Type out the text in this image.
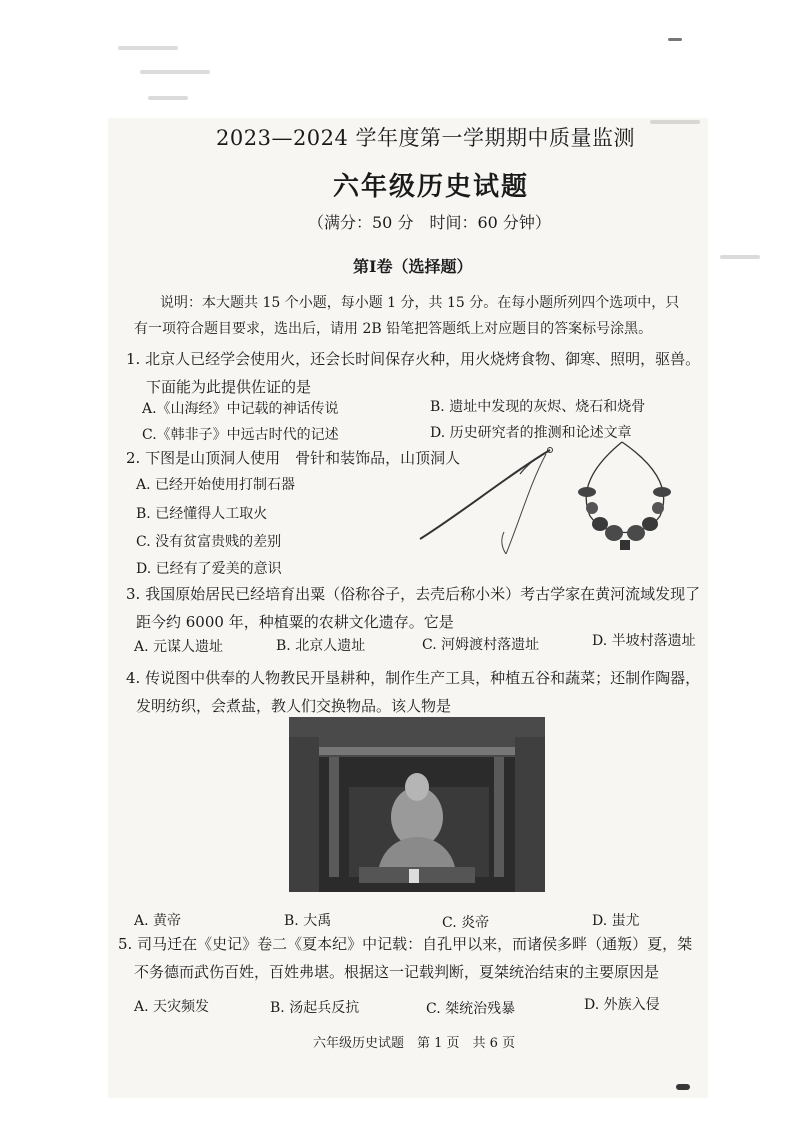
2023—2024 学年度第一学期期中质量监测
六年级历史试题
（满分：50 分　时间：60 分钟）
第Ⅰ卷（选择题）
说明：本大题共 15 个小题，每小题 1 分，共 15 分。在每小题所列四个选项中，只
有一项符合题目要求，选出后，请用 2B 铅笔把答题纸上对应题目的答案标号涂黑。
1. 北京人已经学会使用火，还会长时间保存火种，用火烧烤食物、御寒、照明，驱兽。
下面能为此提供佐证的是
A.《山海经》中记载的神话传说	B. 遗址中发现的灰烬、烧石和烧骨
C.《韩非子》中远古时代的记述	D. 历史研究者的推测和论述文章
2. 下图是山顶洞人使用　骨针和装饰品，山顶洞人
A. 已经开始使用打制石器
B. 已经懂得人工取火
C. 没有贫富贵贱的差别
D. 已经有了爱美的意识
3. 我国原始居民已经培育出粟（俗称谷子，去壳后称小米）考古学家在黄河流域发现了
距今约 6000 年，种植粟的农耕文化遗存。它是
A. 元谋人遗址	B. 北京人遗址	C. 河姆渡村落遗址	D. 半坡村落遗址
4. 传说图中供奉的人物教民开垦耕种，制作生产工具，种植五谷和蔬菜；还制作陶器，
发明纺织，会煮盐，教人们交换物品。该人物是
A. 黄帝	B. 大禹	C. 炎帝	D. 蚩尤
5. 司马迁在《史记》卷二《夏本纪》中记载：自孔甲以来，而诸侯多畔（通叛）夏，桀
不务德而武伤百姓，百姓弗堪。根据这一记载判断，夏桀统治结束的主要原因是
A. 天灾频发	B. 汤起兵反抗	C. 桀统治残暴	D. 外族入侵
六年级历史试题　第 1 页　共 6 页
